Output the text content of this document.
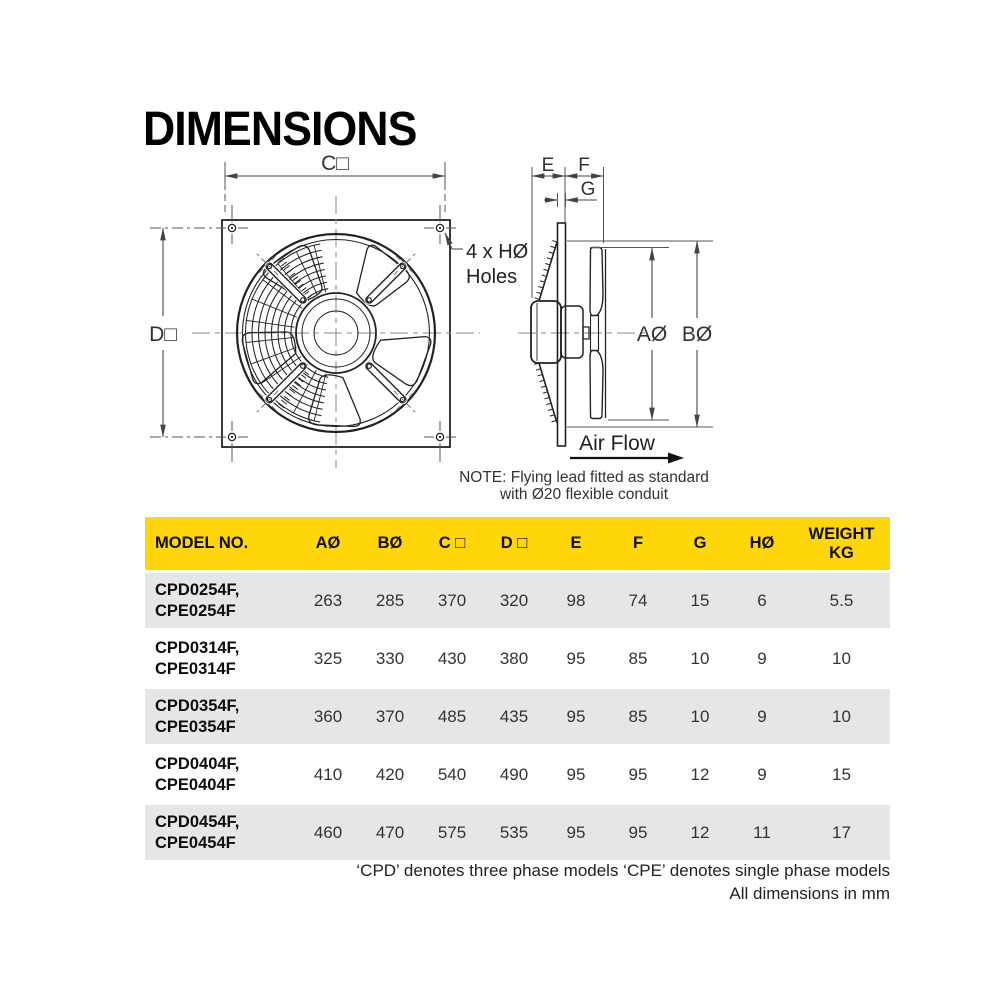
DIMENSIONS
C□
D□
4 x HØ
Holes
E F
G
AØ BØ
Air Flow
NOTE: Flying lead fitted as standard
with Ø20 flexible conduit
MODEL NO.	AØ	BØ	C □	D □	E	F	G	HØ
WEIGHT
KG
CPD0254F,
CPE0254F
263	285	370	320	98	74	15	6	5.5
CPD0314F,
CPE0314F
325	330	430	380	95	85	10	9	10
CPD0354F,
CPE0354F
360	370	485	435	95	85	10	9	10
CPD0404F,
CPE0404F
410	420	540	490	95	95	12	9	15
CPD0454F,
CPE0454F
460	470	575	535	95	95	12	11	17
‘CPD’ denotes three phase models ‘CPE’ denotes single phase models
All dimensions in mm
